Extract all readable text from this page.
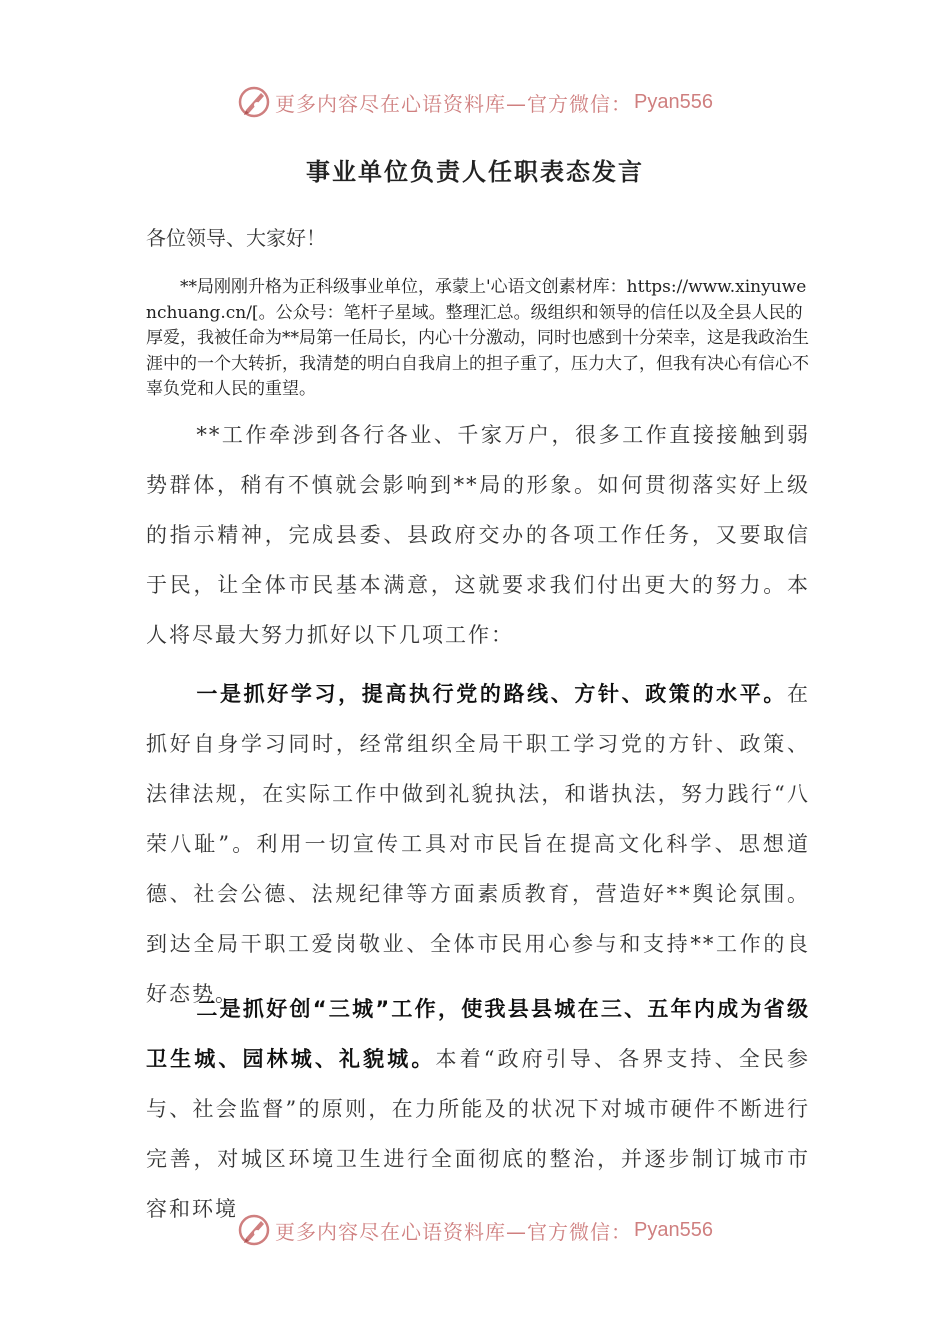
更多内容尽在心语资料库—官方微信： Pyan556
事业单位负责人任职表态发言
各位领导、大家好！
**局刚刚升格为正科级事业单位，承蒙上'心语文创素材库：https://www.xinyuwenchuang.cn/[。公众号：笔杆子星域。整理汇总。级组织和领导的信任以及全县人民的厚爱，我被任命为**局第一任局长，内心十分激动，同时也感到十分荣幸，这是我政治生涯中的一个大转折，我清楚的明白自我肩上的担子重了，压力大了，但我有决心有信心不辜负党和人民的重望。
**工作牵涉到各行各业、千家万户，很多工作直接接触到弱势群体，稍有不慎就会影响到**局的形象。如何贯彻落实好上级的指示精神，完成县委、县政府交办的各项工作任务，又要取信于民，让全体市民基本满意，这就要求我们付出更大的努力。本人将尽最大努力抓好以下几项工作：
一是抓好学习，提高执行党的路线、方针、政策的水平。在抓好自身学习同时，经常组织全局干职工学习党的方针、政策、法律法规，在实际工作中做到礼貌执法，和谐执法，努力践行“八荣八耻”。利用一切宣传工具对市民旨在提高文化科学、思想道德、社会公德、法规纪律等方面素质教育，营造好**舆论氛围。到达全局干职工爱岗敬业、全体市民用心参与和支持**工作的良好态势。
二是抓好创“三城”工作，使我县县城在三、五年内成为省级卫生城、园林城、礼貌城。本着“政府引导、各界支持、全民参与、社会监督”的原则，在力所能及的状况下对城市硬件不断进行完善，对城区环境卫生进行全面彻底的整治，并逐步制订城市市容和环境
更多内容尽在心语资料库—官方微信： Pyan556
